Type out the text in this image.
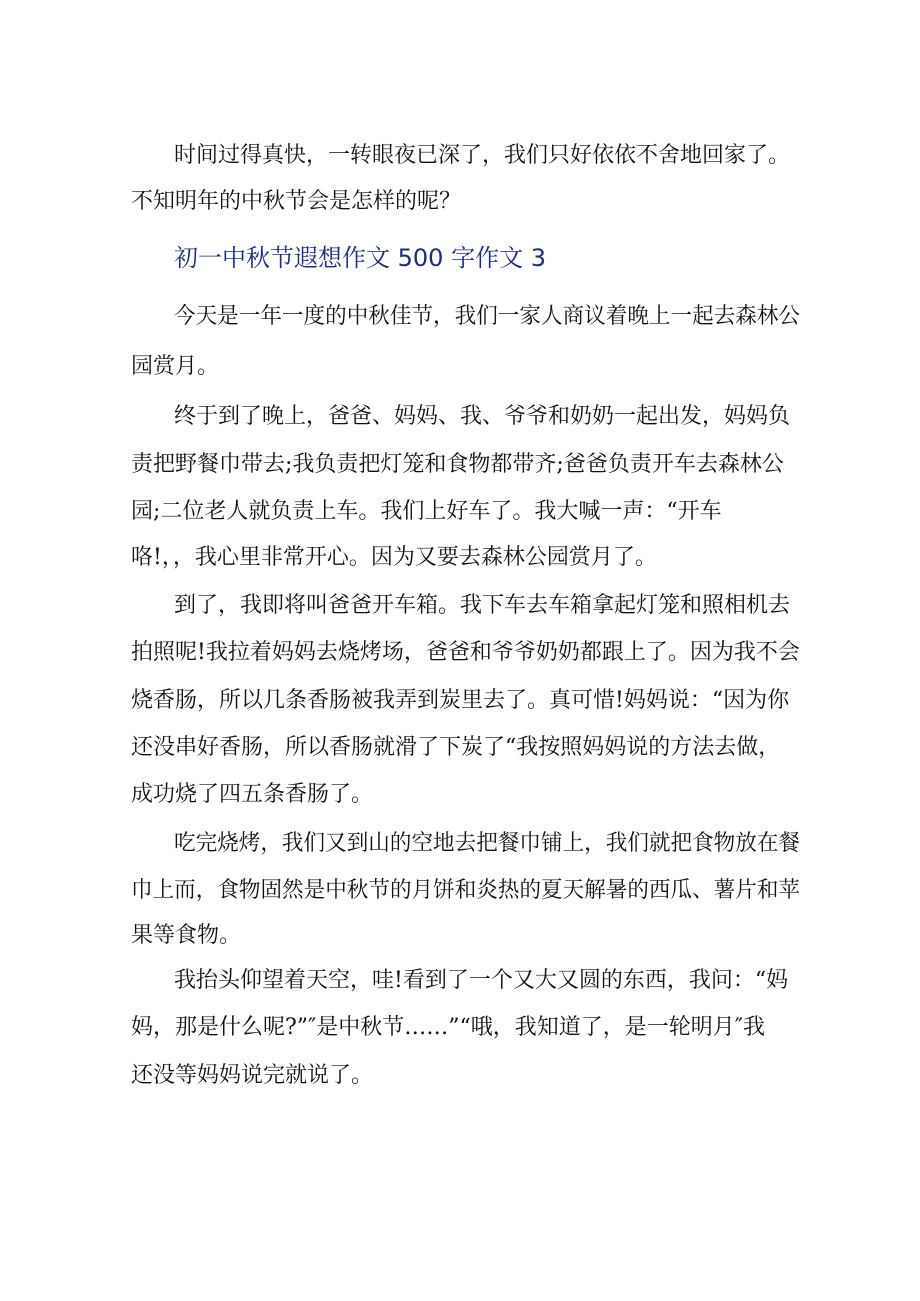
时间过得真快，一转眼夜已深了，我们只好依依不舍地回家了。
不知明年的中秋节会是怎样的呢？
初一中秋节遐想作文 500 字作文 3
今天是一年一度的中秋佳节，我们一家人商议着晚上一起去森林公
园赏月。
终于到了晚上，爸爸、妈妈、我、爷爷和奶奶一起出发，妈妈负
责把野餐巾带去;我负责把灯笼和食物都带齐;爸爸负责开车去森林公
园;二位老人就负责上车。我们上好车了。我大喊一声：“开车
咯!，，我心里非常开心。因为又要去森林公园赏月了。
到了，我即将叫爸爸开车箱。我下车去车箱拿起灯笼和照相机去
拍照呢!我拉着妈妈去烧烤场，爸爸和爷爷奶奶都跟上了。因为我不会
烧香肠，所以几条香肠被我弄到炭里去了。真可惜!妈妈说：“因为你
还没串好香肠，所以香肠就滑了下炭了“我按照妈妈说的方法去做，
成功烧了四五条香肠了。
吃完烧烤，我们又到山的空地去把餐巾铺上，我们就把食物放在餐
巾上而，食物固然是中秋节的月饼和炎热的夏天解暑的西瓜、薯片和苹
果等食物。
我抬头仰望着天空，哇!看到了一个又大又圆的东西，我问：“妈
妈，那是什么呢?”″是中秋节……”“哦，我知道了，是一轮明月″我
还没等妈妈说完就说了。
